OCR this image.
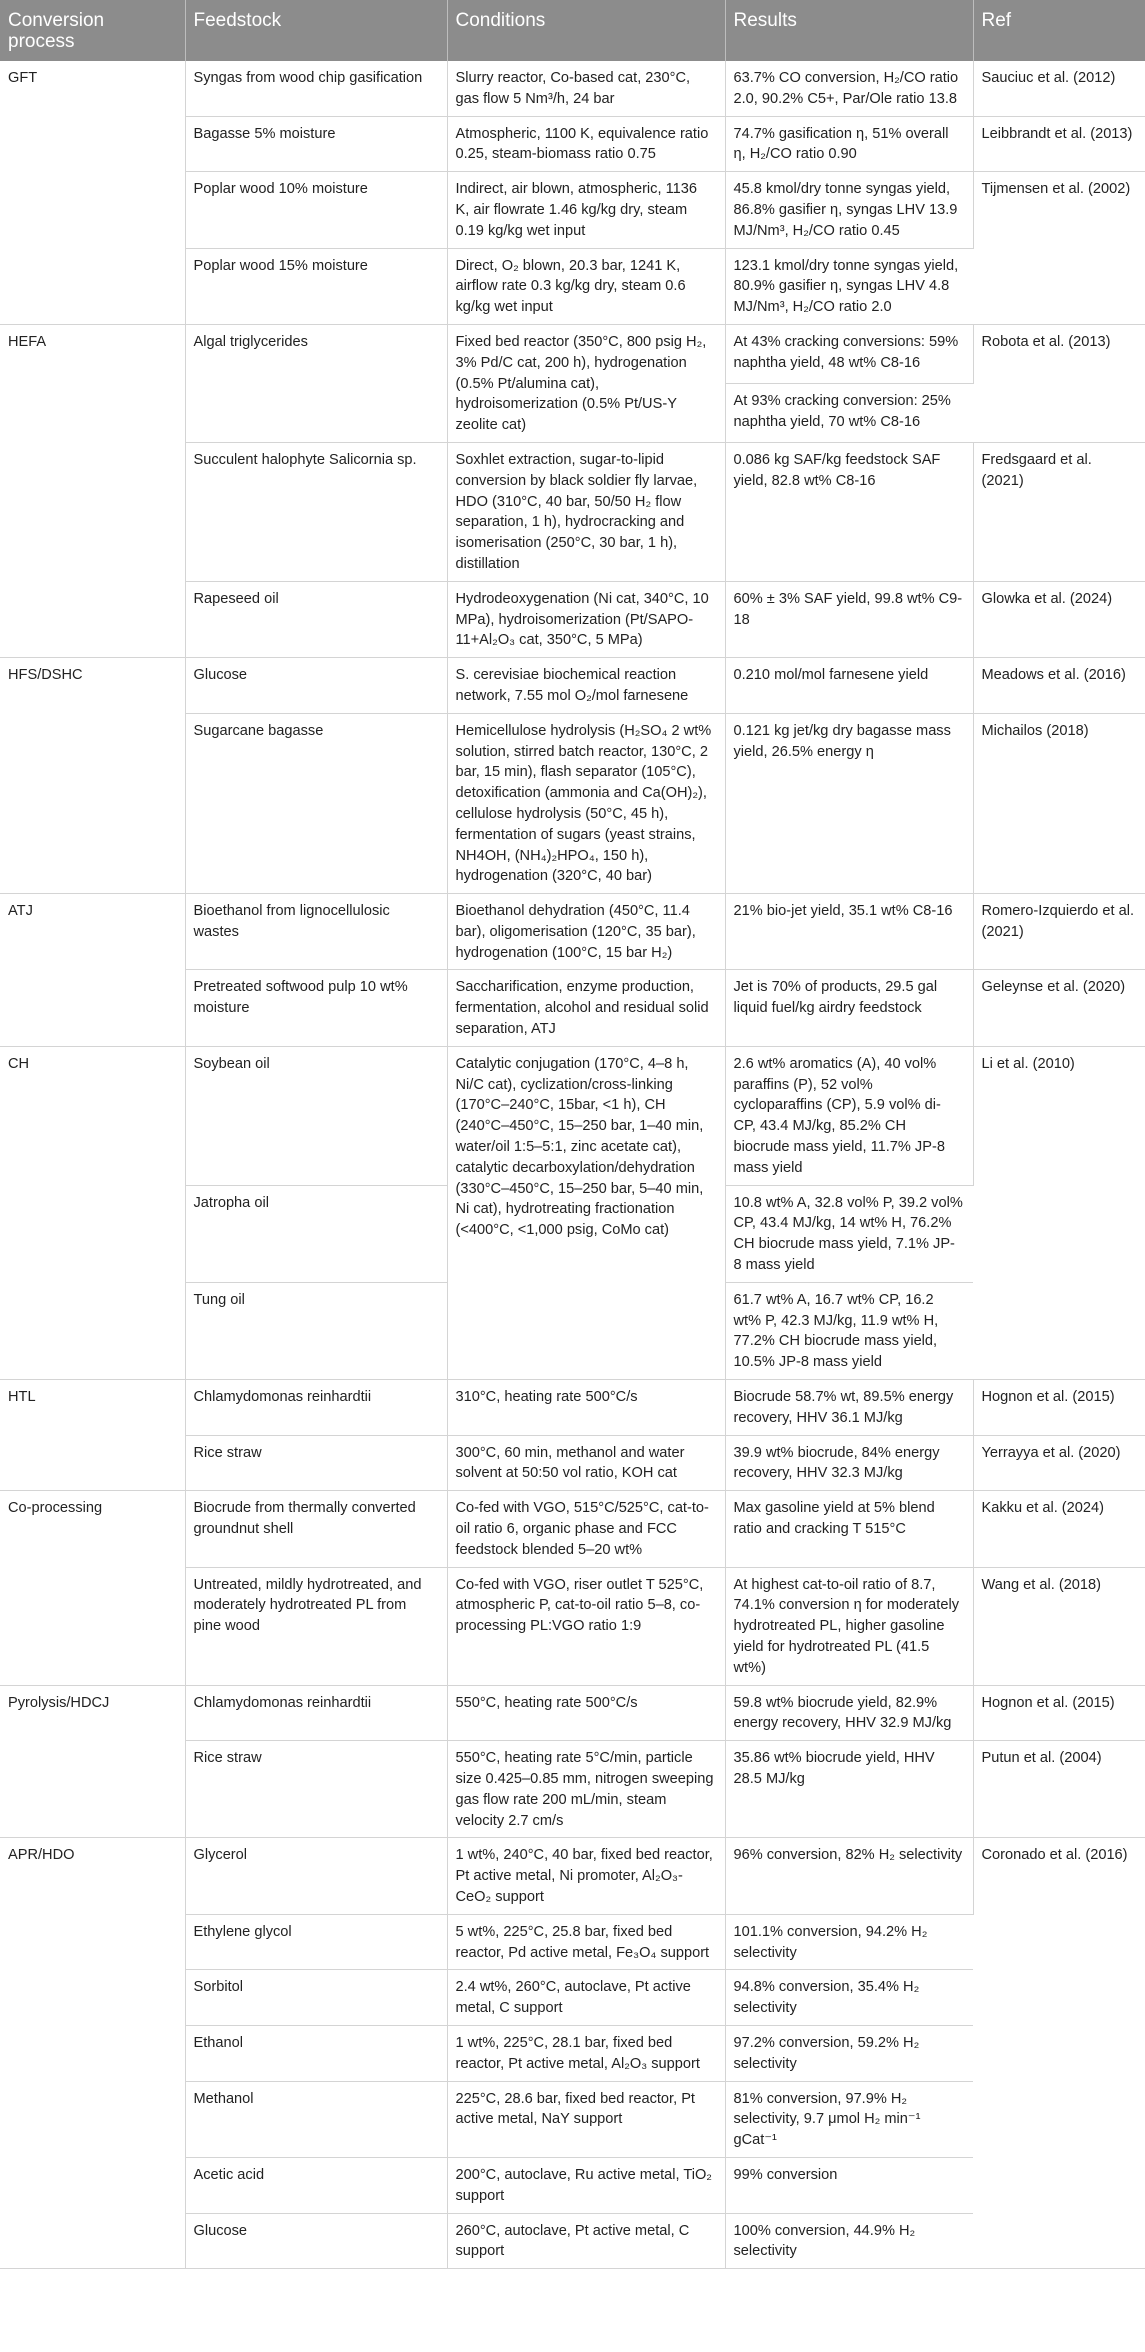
Conversion process	Feedstock	Conditions	Results	Ref
GFT	Syngas from wood chip gasification	Slurry reactor, Co-based cat, 230°C, gas flow 5 Nm³/h, 24 bar	63.7% CO conversion, H₂/CO ratio 2.0, 90.2% C5+, Par/Ole ratio 13.8	Sauciuc et al. (2012)
	Bagasse 5% moisture	Atmospheric, 1100 K, equivalence ratio 0.25, steam-biomass ratio 0.75	74.7% gasification η, 51% overall η, H₂/CO ratio 0.90	Leibbrandt et al. (2013)
	Poplar wood 10% moisture	Indirect, air blown, atmospheric, 1136 K, air flowrate 1.46 kg/kg dry, steam 0.19 kg/kg wet input	45.8 kmol/dry tonne syngas yield, 86.8% gasifier η, syngas LHV 13.9 MJ/Nm³, H₂/CO ratio 0.45	Tijmensen et al. (2002)
	Poplar wood 15% moisture	Direct, O₂ blown, 20.3 bar, 1241 K, airflow rate 0.3 kg/kg dry, steam 0.6 kg/kg wet input	123.1 kmol/dry tonne syngas yield, 80.9% gasifier η, syngas LHV 4.8 MJ/Nm³, H₂/CO ratio 2.0	
HEFA	Algal triglycerides	Fixed bed reactor (350°C, 800 psig H₂, 3% Pd/C cat, 200 h), hydrogenation (0.5% Pt/alumina cat), hydroisomerization (0.5% Pt/US-Y zeolite cat)	At 43% cracking conversions: 59% naphtha yield, 48 wt% C8-16	Robota et al. (2013)
			At 93% cracking conversion: 25% naphtha yield, 70 wt% C8-16	
	Succulent halophyte Salicornia sp.	Soxhlet extraction, sugar-to-lipid conversion by black soldier fly larvae, HDO (310°C, 40 bar, 50/50 H₂ flow separation, 1 h), hydrocracking and isomerisation (250°C, 30 bar, 1 h), distillation	0.086 kg SAF/kg feedstock SAF yield, 82.8 wt% C8-16	Fredsgaard et al. (2021)
	Rapeseed oil	Hydrodeoxygenation (Ni cat, 340°C, 10 MPa), hydroisomerization (Pt/SAPO-11+Al₂O₃ cat, 350°C, 5 MPa)	60% ± 3% SAF yield, 99.8 wt% C9-18	Glowka et al. (2024)
HFS/DSHC	Glucose	S. cerevisiae biochemical reaction network, 7.55 mol O₂/mol farnesene	0.210 mol/mol farnesene yield	Meadows et al. (2016)
	Sugarcane bagasse	Hemicellulose hydrolysis (H₂SO₄ 2 wt% solution, stirred batch reactor, 130°C, 2 bar, 15 min), flash separator (105°C), detoxification (ammonia and Ca(OH)₂), cellulose hydrolysis (50°C, 45 h), fermentation of sugars (yeast strains, NH4OH, (NH₄)₂HPO₄, 150 h), hydrogenation (320°C, 40 bar)	0.121 kg jet/kg dry bagasse mass yield, 26.5% energy η	Michailos (2018)
ATJ	Bioethanol from lignocellulosic wastes	Bioethanol dehydration (450°C, 11.4 bar), oligomerisation (120°C, 35 bar), hydrogenation (100°C, 15 bar H₂)	21% bio-jet yield, 35.1 wt% C8-16	Romero-Izquierdo et al. (2021)
	Pretreated softwood pulp 10 wt% moisture	Saccharification, enzyme production, fermentation, alcohol and residual solid separation, ATJ	Jet is 70% of products, 29.5 gal liquid fuel/kg airdry feedstock	Geleynse et al. (2020)
CH	Soybean oil	Catalytic conjugation (170°C, 4–8 h, Ni/C cat), cyclization/cross-linking (170°C–240°C, 15bar, <1 h), CH (240°C–450°C, 15–250 bar, 1–40 min, water/oil 1:5–5:1, zinc acetate cat), catalytic decarboxylation/dehydration (330°C–450°C, 15–250 bar, 5–40 min, Ni cat), hydrotreating fractionation (<400°C, <1,000 psig, CoMo cat)	2.6 wt% aromatics (A), 40 vol% paraffins (P), 52 vol% cycloparaffins (CP), 5.9 vol% di-CP, 43.4 MJ/kg, 85.2% CH biocrude mass yield, 11.7% JP-8 mass yield	Li et al. (2010)
	Jatropha oil		10.8 wt% A, 32.8 vol% P, 39.2 vol% CP, 43.4 MJ/kg, 14 wt% H, 76.2% CH biocrude mass yield, 7.1% JP-8 mass yield	
	Tung oil		61.7 wt% A, 16.7 wt% CP, 16.2 wt% P, 42.3 MJ/kg, 11.9 wt% H, 77.2% CH biocrude mass yield, 10.5% JP-8 mass yield	
HTL	Chlamydomonas reinhardtii	310°C, heating rate 500°C/s	Biocrude 58.7% wt, 89.5% energy recovery, HHV 36.1 MJ/kg	Hognon et al. (2015)
	Rice straw	300°C, 60 min, methanol and water solvent at 50:50 vol ratio, KOH cat	39.9 wt% biocrude, 84% energy recovery, HHV 32.3 MJ/kg	Yerrayya et al. (2020)
Co-processing	Biocrude from thermally converted groundnut shell	Co-fed with VGO, 515°C/525°C, cat-to-oil ratio 6, organic phase and FCC feedstock blended 5–20 wt%	Max gasoline yield at 5% blend ratio and cracking T 515°C	Kakku et al. (2024)
	Untreated, mildly hydrotreated, and moderately hydrotreated PL from pine wood	Co-fed with VGO, riser outlet T 525°C, atmospheric P, cat-to-oil ratio 5–8, co-processing PL:VGO ratio 1:9	At highest cat-to-oil ratio of 8.7, 74.1% conversion η for moderately hydrotreated PL, higher gasoline yield for hydrotreated PL (41.5 wt%)	Wang et al. (2018)
Pyrolysis/HDCJ	Chlamydomonas reinhardtii	550°C, heating rate 500°C/s	59.8 wt% biocrude yield, 82.9% energy recovery, HHV 32.9 MJ/kg	Hognon et al. (2015)
	Rice straw	550°C, heating rate 5°C/min, particle size 0.425–0.85 mm, nitrogen sweeping gas flow rate 200 mL/min, steam velocity 2.7 cm/s	35.86 wt% biocrude yield, HHV 28.5 MJ/kg	Putun et al. (2004)
APR/HDO	Glycerol	1 wt%, 240°C, 40 bar, fixed bed reactor, Pt active metal, Ni promoter, Al₂O₃-CeO₂ support	96% conversion, 82% H₂ selectivity	Coronado et al. (2016)
	Ethylene glycol	5 wt%, 225°C, 25.8 bar, fixed bed reactor, Pd active metal, Fe₃O₄ support	101.1% conversion, 94.2% H₂ selectivity	
	Sorbitol	2.4 wt%, 260°C, autoclave, Pt active metal, C support	94.8% conversion, 35.4% H₂ selectivity	
	Ethanol	1 wt%, 225°C, 28.1 bar, fixed bed reactor, Pt active metal, Al₂O₃ support	97.2% conversion, 59.2% H₂ selectivity	
	Methanol	225°C, 28.6 bar, fixed bed reactor, Pt active metal, NaY support	81% conversion, 97.9% H₂ selectivity, 9.7 μmol H₂ min⁻¹ gCat⁻¹	
	Acetic acid	200°C, autoclave, Ru active metal, TiO₂ support	99% conversion	
	Glucose	260°C, autoclave, Pt active metal, C support	100% conversion, 44.9% H₂ selectivity	
